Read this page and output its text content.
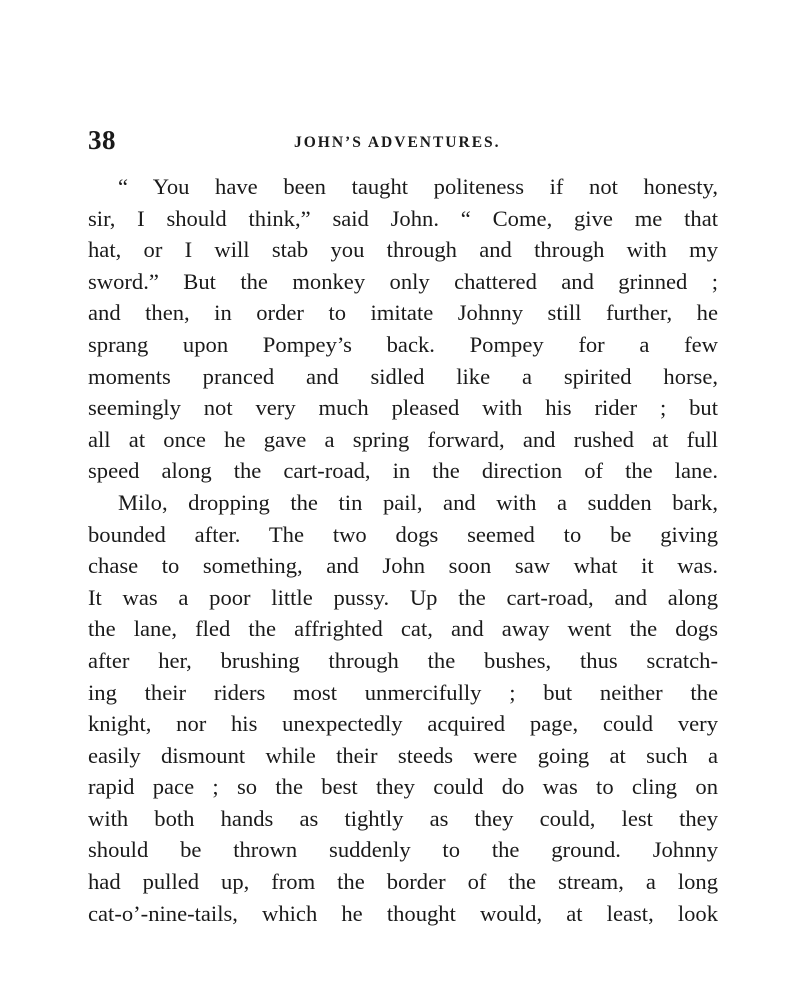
38	JOHN’S ADVENTURES.
“ You have been taught politeness if not honesty,
sir, I should think,” said John. “ Come, give me that
hat, or I will stab you through and through with my
sword.” But the monkey only chattered and grinned ;
and then, in order to imitate Johnny still further, he
sprang upon Pompey’s back. Pompey for a few
moments pranced and sidled like a spirited horse,
seemingly not very much pleased with his rider ; but
all at once he gave a spring forward, and rushed at full
speed along the cart-road, in the direction of the lane.
Milo, dropping the tin pail, and with a sudden bark,
bounded after. The two dogs seemed to be giving
chase to something, and John soon saw what it was.
It was a poor little pussy. Up the cart-road, and along
the lane, fled the affrighted cat, and away went the dogs
after her, brushing through the bushes, thus scratch-
ing their riders most unmercifully ; but neither the
knight, nor his unexpectedly acquired page, could very
easily dismount while their steeds were going at such a
rapid pace ; so the best they could do was to cling on
with both hands as tightly as they could, lest they
should be thrown suddenly to the ground. Johnny
had pulled up, from the border of the stream, a long
cat-o’-nine-tails, which he thought would, at least, look
